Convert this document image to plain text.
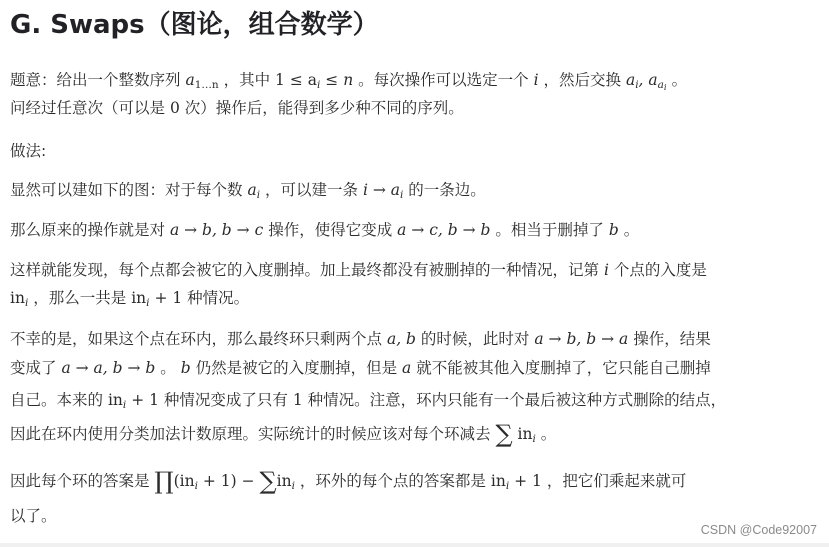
G. Swaps（图论，组合数学）

题意：给出一个整数序列 $a_{1\dots n}$ ，其中 $1 \le a_i \le n$ 。每次操作可以选定一个 i ，然后交换 $a_i$, $a_{ai}$ 。

问经过任意次（可以是 0 次）操作后，能得到多少种不同的序列。

做法:

显然可以建如下的图：对于每个数 $a_i$ ，可以建一条 $i \to a_i$ 的一条边。

那么原来的操作就是对 a → b, b → c 操作，使得它变成 a → c, b → b 。相当于删掉了 b 。

这样就能发现，每个点都会被它的入度删掉。加上最终都没有被删掉的一种情况，记第 i 个点的入度是

$in_i$ ，那么一共是 $in_i + 1$ 种情况。

不幸的是，如果这个点在环内，那么最终环只剩两个点 a, b 的时候，此时对 a → b, b → a 操作，结果

变成了 a → a, b → b 。 b 仍然是被它的入度删掉，但是 a 就不能被其他入度删掉了，它只能自己删掉

自己。本来的 $in_i + 1$ 种情况变成了只有 1 种情况。注意，环内只能有一个最后被这种方式删除的结点，

因此在环内使用分类加法计数原理。实际统计的时候应该对每个环减去 ∑ $in_i$ 。

因此每个环的答案是 $\prod(in_i + 1) - \sum in_i$ ，环外的每个点的答案都是 $in_i + 1$ ，把它们乘起来就可

以了。

CSDN @Code92007
